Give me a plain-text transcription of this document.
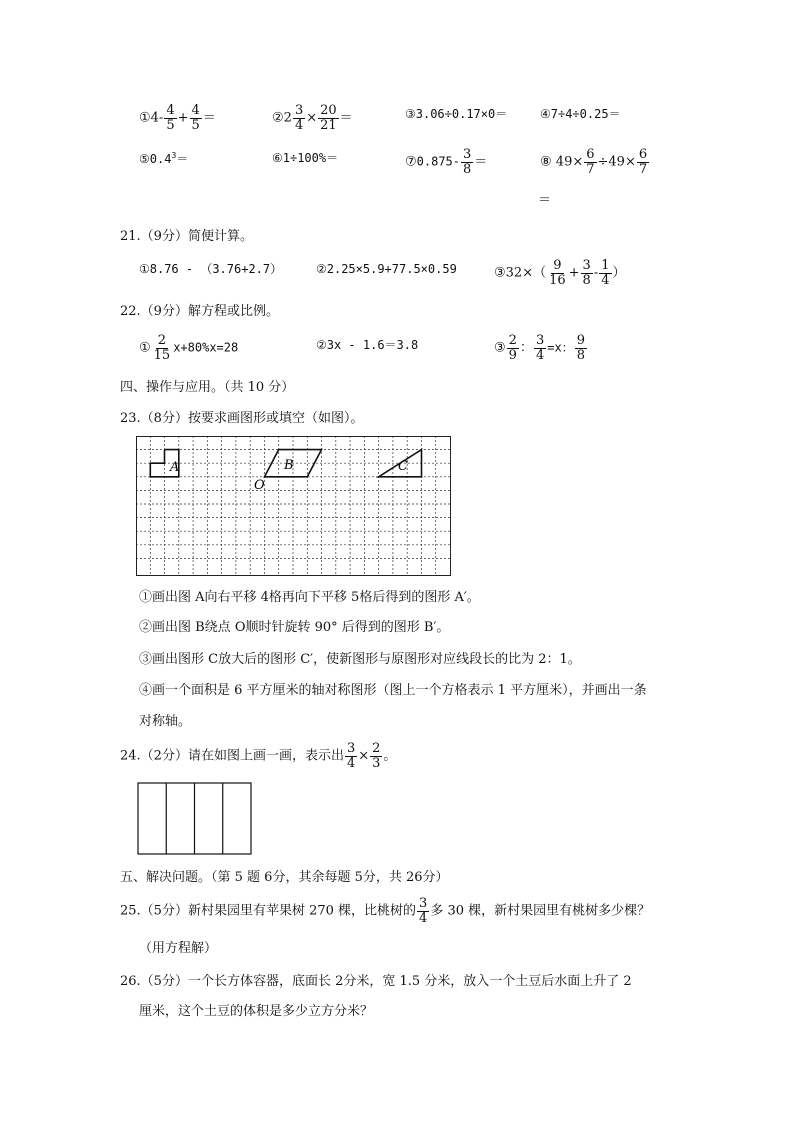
①4- $\frac{4}{5} + \frac{4}{5}$ ＝	②2 $\frac{3}{4} \times \frac{20}{21}$ ＝	③3.06÷0.17×0＝	④7÷4÷0.25＝
$⑤0.4^3=$	⑥1÷100%＝	⑦0.875- $\frac{3}{8}$ ＝	⑧ $49\times \frac{6}{7} \div 49\times \frac{6}{7}$
＝
21.（9分）简便计算。
①8.76 - （3.76+2.7）	②2.25×5.9+77.5×0.59	③32×（ $\frac{9}{16} + \frac{3}{8} - \frac{1}{4}$ ）
22.（9分）解方程或比例。
① $\frac{2}{15} x+80\%x=28$	②3x - 1.6＝3.8	③ $\frac{2}{9}$ ： $\frac{3}{4} =x$： $\frac{9}{8}$
四、操作与应用。（共 10 分）
23.（8分）按要求画图形或填空（如图）。
A	B	C
O
①画出图 A向右平移 4格再向下平移 5格后得到的图形 A′。
②画出图 B绕点 O顺时针旋转 90° 后得到的图形 B′。
③画出图形 C放大后的图形 C′，使新图形与原图形对应线段长的比为 2：1。
④画一个面积是 6 平方厘米的轴对称图形（图上一个方格表示 1 平方厘米），并画出一条
对称轴。
24.（2分）请在如图上画一画，表示出 $\frac{3}{4} \times \frac{2}{3}$ 。
五、解决问题。（第 5 题 6分，其余每题 5分，共 26分）
25.（5分）新村果园里有苹果树 270 棵，比桃树的 $\frac{3}{4}$ 多 30 棵，新村果园里有桃树多少棵？
（用方程解）
26.（5分）一个长方体容器，底面长 2分米，宽 1.5 分米，放入一个土豆后水面上升了 2
厘米，这个土豆的体积是多少立方分米？
